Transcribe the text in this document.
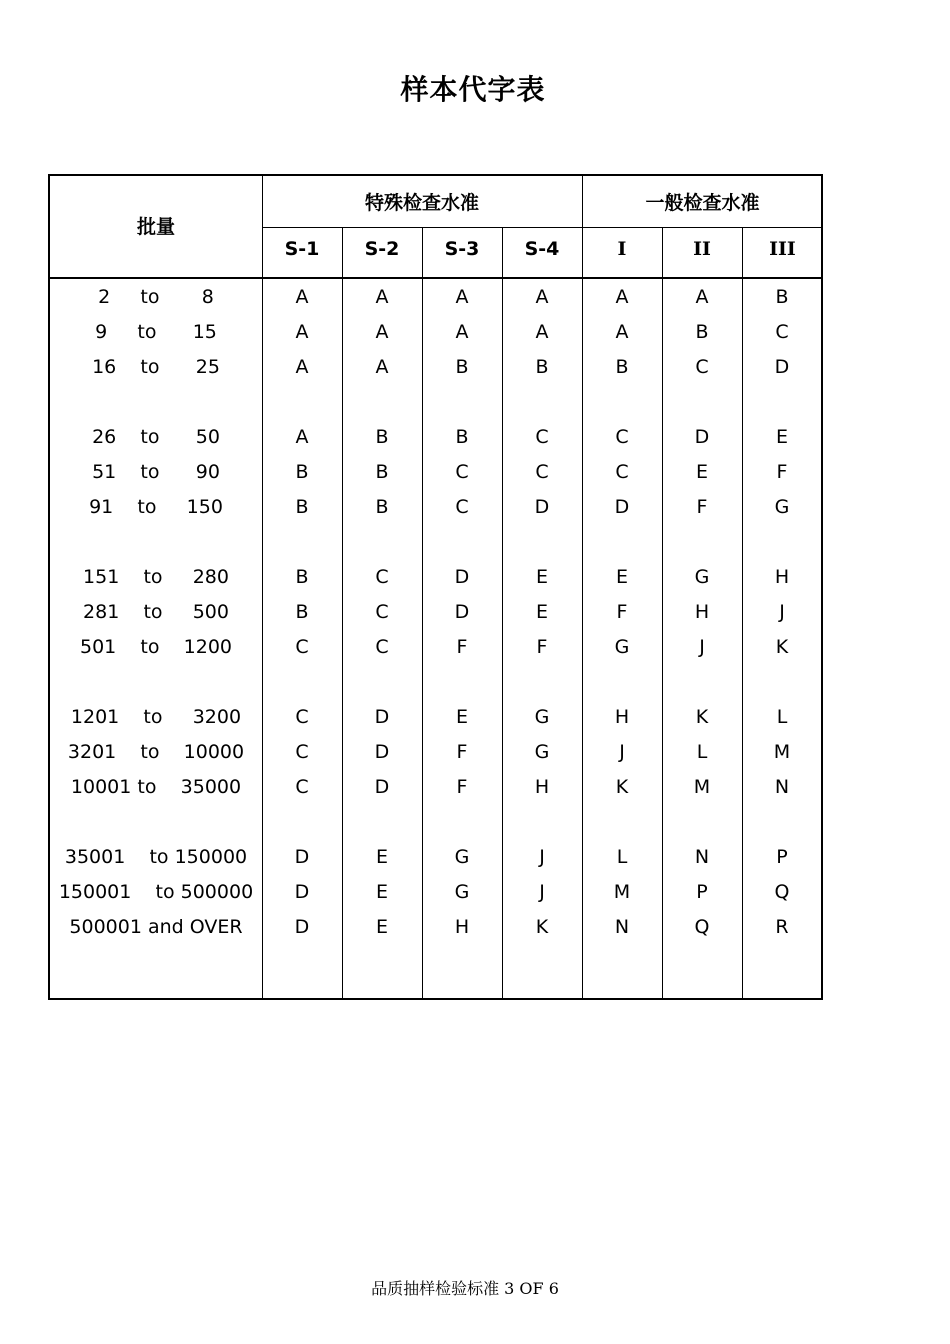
样本代字表
批量
特殊检查水准	一般检查水准
S-1	S-2	S-3	S-4	I	II	III
2     to       8	A	A	A	A	A	A	B
9     to      15	A	A	A	A	A	B	C
16    to      25	A	A	B	B	B	C	D
26    to      50	A	B	B	C	C	D	E
51    to      90	B	B	C	C	C	E	F
91    to     150	B	B	C	D	D	F	G
151    to     280	B	C	D	E	E	G	H
281    to     500	B	C	D	E	F	H	J
501    to    1200	C	C	F	F	G	J	K
1201    to     3200	C	D	E	G	H	K	L
3201    to    10000	C	D	F	G	J	L	M
10001 to    35000	C	D	F	H	K	M	N
35001    to 150000	D	E	G	J	L	N	P
150001    to 500000	D	E	G	J	M	P	Q
500001 and OVER	D	E	H	K	N	Q	R
品质抽样检验标准 3 OF 6
